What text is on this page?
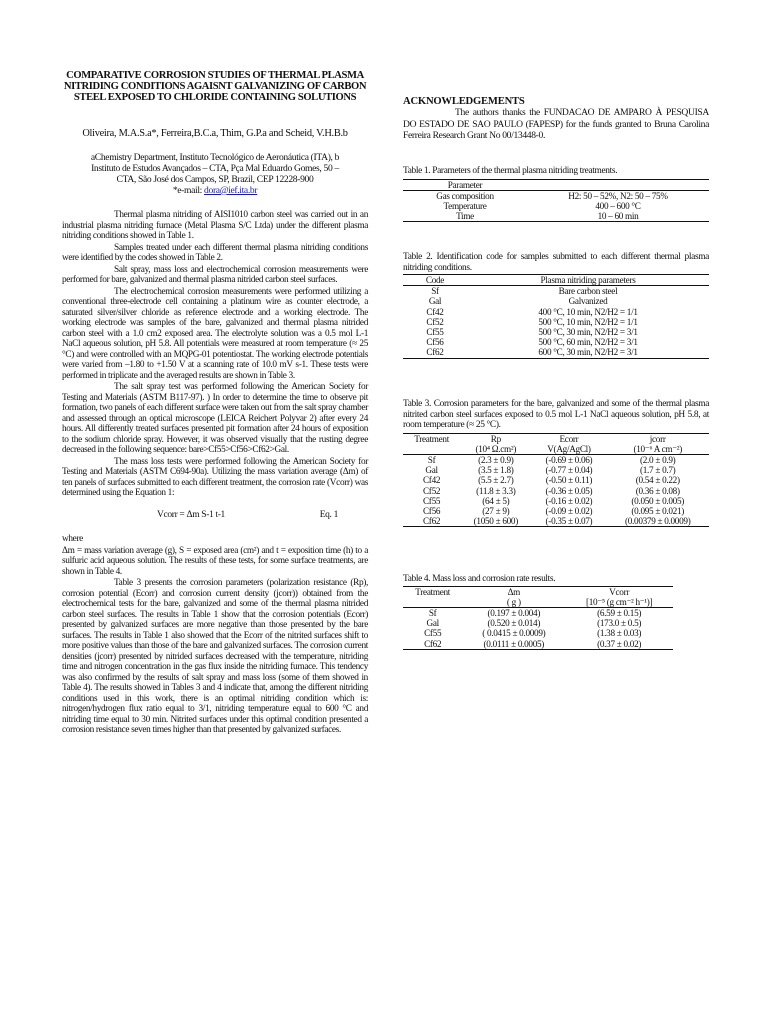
COMPARATIVE CORROSION STUDIES OF THERMAL PLASMA NITRIDING CONDITIONS AGAISNT GALVANIZING OF CARBON STEEL EXPOSED TO CHLORIDE CONTAINING SOLUTIONS
Oliveira, M.A.S.a*, Ferreira,B.C.a, Thim, G.P.a and Scheid, V.H.B.b
aChemistry Department, Instituto Tecnológico de Aeronáutica (ITA), b
Instituto de Estudos Avançados – CTA, Pça Mal Eduardo Gomes, 50 –
CTA, São José dos Campos, SP, Brazil, CEP 12228-900
*e-mail: dora@ief.ita.br

Thermal plasma nitriding of AISI1010 carbon steel was carried out in an industrial plasma nitriding furnace (Metal Plasma S/C Ltda) under the different plasma nitriding conditions showed in Table 1.

Samples treated under each different thermal plasma nitriding conditions were identified by the codes showed in Table 2.

Salt spray, mass loss and electrochemical corrosion measurements were performed for bare, galvanized and thermal plasma nitrided carbon steel surfaces.

The electrochemical corrosion measurements were performed utilizing a conventional three-electrode cell containing a platinum wire as counter electrode, a saturated silver/silver chloride as reference electrode and a working electrode. The working electrode was samples of the bare, galvanized and thermal plasma nitrided carbon steel with a 1.0 cm2 exposed area. The electrolyte solution was a 0.5 mol L-1 NaCl aqueous solution, pH 5.8. All potentials were measured at room temperature (≈ 25 °C) and were controlled with an MQPG-01 potentiostat. The working electrode potentials were varied from –1.80 to +1.50 V at a scanning rate of 10.0 mV s-1. These tests were performed in triplicate and the averaged results are shown in Table 3.

The salt spray test was performed following the American Society for Testing and Materials (ASTM B117-97). ) In order to determine the time to observe pit formation, two panels of each different surface were taken out from the salt spray chamber and assessed through an optical microscope (LEICA Reichert Polyvar 2) after every 24 hours. All differently treated surfaces presented pit formation after 24 hours of exposition to the sodium chloride spray. However, it was observed visually that the rusting degree decreased in the following sequence: bare>Cf55>Cf56>Cf62>Gal.

The mass loss tests were performed following the American Society for Testing and Materials (ASTM C694-90a). Utilizing the mass variation average (Δm) of ten panels of surfaces submitted to each different treatment, the corrosion rate (Vcorr) was determined using the Equation 1:

Vcorr = Δm S-1 t-1	Eq. 1

where

Δm = mass variation average (g), S = exposed area (cm²) and t = exposition time (h) to a sulfuric acid aqueous solution. The results of these tests, for some surface treatments, are shown in Table 4.

Table 3 presents the corrosion parameters (polarization resistance (Rp), corrosion potential (Ecorr) and corrosion current density (jcorr)) obtained from the electrochemical tests for the bare, galvanized and some of the thermal plasma nitrided carbon steel surfaces. The results in Table 1 show that the corrosion potentials (Ecorr) presented by galvanized surfaces are more negative than those presented by the bare surfaces. The results in Table 1 also showed that the Ecorr of the nitrited surfaces shift to more positive values than those of the bare and galvanized surfaces. The corrosion current densities (jcorr) presented by nitrided surfaces decreased with the temperature, nitriding time and nitrogen concentration in the gas flux inside the nitriding furnace. This tendency was also confirmed by the results of salt spray and mass loss (some of them showed in Table 4). The results showed in Tables 3 and 4 indicate that, among the different nitriding conditions used in this work, there is an optimal nitriding condition which is: nitrogen/hydrogen flux ratio equal to 3/1, nitriding temperature equal to 600 °C and nitriding time equal to 30 min. Nitrited surfaces under this optimal condition presented a corrosion resistance seven times higher than that presented by galvanized surfaces.

ACKNOWLEDGEMENTS

The authors thanks the FUNDACAO DE AMPARO À PESQUISA DO ESTADO DE SAO PAULO (FAPESP) for the funds granted to Bruna Carolina Ferreira Research Grant No 00/13448-0.

Table 1. Parameters of the thermal plasma nitriding treatments.
Parameter	
Gas composition	H2: 50 – 52%, N2: 50 – 75%
Temperature	400 – 600 °C
Time	10 – 60 min
Table 2. Identification code for samples submitted to each different thermal plasma nitriding conditions.
Code	Plasma nitriding parameters
Sf	Bare carbon steel
Gal	Galvanized
Cf42	400 °C, 10 min, N2/H2 = 1/1
Cf52	500 °C, 10 min, N2/H2 = 1/1
Cf55	500 °C, 30 min, N2/H2 = 3/1
Cf56	500 °C, 60 min, N2/H2 = 3/1
Cf62	600 °C, 30 min, N2/H2 = 3/1
Table 3. Corrosion parameters for the bare, galvanized and some of the thermal plasma nitrited carbon steel surfaces exposed to 0.5 mol L-1 NaCl aqueous solution, pH 5.8, at room temperature (≈ 25 °C).
Treatment	Rp	Ecorr	jcorr
	(10⁴ Ω.cm²)	V(Ag/AgCl)	(10⁻⁶ A cm⁻²)
Sf	(2.3 ± 0.9)	(-0.69 ± 0.06)	(2.0 ± 0.9)
Gal	(3.5 ± 1.8)	(-0.77 ± 0.04)	(1.7 ± 0.7)
Cf42	(5.5 ± 2.7)	(-0.50 ± 0.11)	(0.54 ± 0.22)
Cf52	(11.8 ± 3.3)	(-0.36 ± 0.05)	(0.36 ± 0.08)
Cf55	(64 ± 5)	(-0.16 ± 0.02)	(0.050 ± 0.005)
Cf56	(27 ± 9)	(-0.09 ± 0.02)	(0.095 ± 0.021)
Cf62	(1050 ± 600)	(-0.35 ± 0.07)	(0.00379 ± 0.0009)
Table 4. Mass loss and corrosion rate results.
Treatment	Δm	Vcorr
	( g )	[10⁻⁵ (g cm⁻² h⁻¹)]
Sf	(0.197 ± 0.004)	(6.59 ± 0.15)
Gal	(0.520 ± 0.014)	(173.0 ± 0.5)
Cf55	( 0.0415 ± 0.0009)	(1.38 ± 0.03)
Cf62	(0.0111 ± 0.0005)	(0.37 ± 0.02)
